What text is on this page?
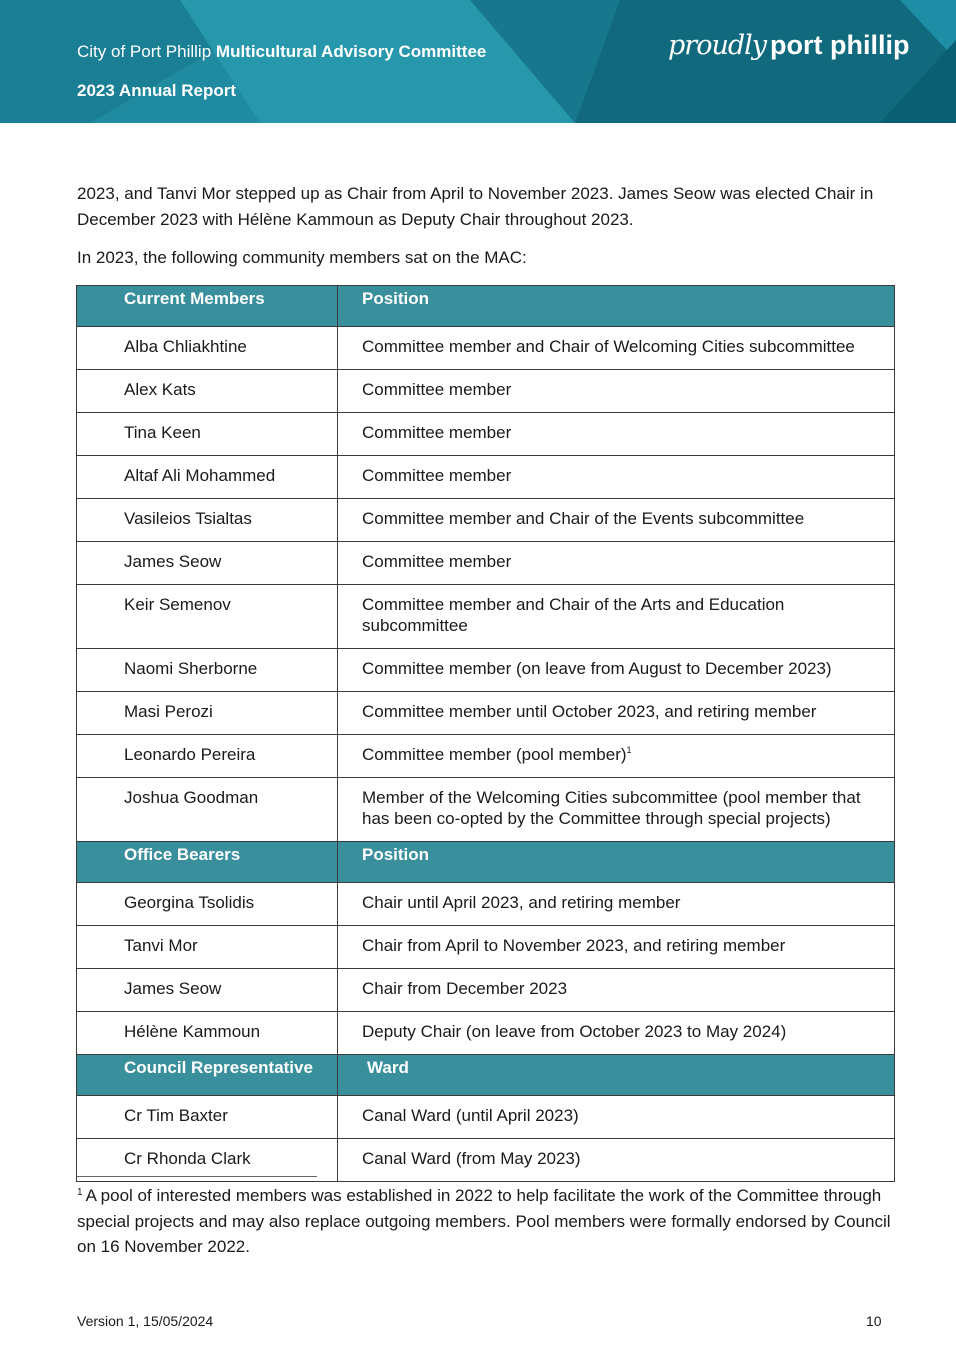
City of Port Phillip Multicultural Advisory Committee
2023 Annual Report
proudly port phillip
2023, and Tanvi Mor stepped up as Chair from April to November 2023. James Seow was elected Chair in December 2023 with Hélène Kammoun as Deputy Chair throughout 2023.
In 2023, the following community members sat on the MAC:
Current Members	Position
Alba Chliakhtine	Committee member and Chair of Welcoming Cities subcommittee
Alex Kats	Committee member
Tina Keen	Committee member
Altaf Ali Mohammed	Committee member
Vasileios Tsialtas	Committee member and Chair of the Events subcommittee
James Seow	Committee member
Keir Semenov	Committee member and Chair of the Arts and Education subcommittee
Naomi Sherborne	Committee member (on leave from August to December 2023)
Masi Perozi	Committee member until October 2023, and retiring member
Leonardo Pereira	Committee member (pool member)$^1$
Joshua Goodman	Member of the Welcoming Cities subcommittee (pool member that has been co-opted by the Committee through special projects)
Office Bearers	Position
Georgina Tsolidis	Chair until April 2023, and retiring member
Tanvi Mor	Chair from April to November 2023, and retiring member
James Seow	Chair from December 2023
Hélène Kammoun	Deputy Chair (on leave from October 2023 to May 2024)
Council Representative	Ward
Cr Tim Baxter	Canal Ward (until April 2023)
Cr Rhonda Clark	Canal Ward (from May 2023)
$^1$ A pool of interested members was established in 2022 to help facilitate the work of the Committee through special projects and may also replace outgoing members. Pool members were formally endorsed by Council on 16 November 2022.
Version 1, 15/05/2024	10
